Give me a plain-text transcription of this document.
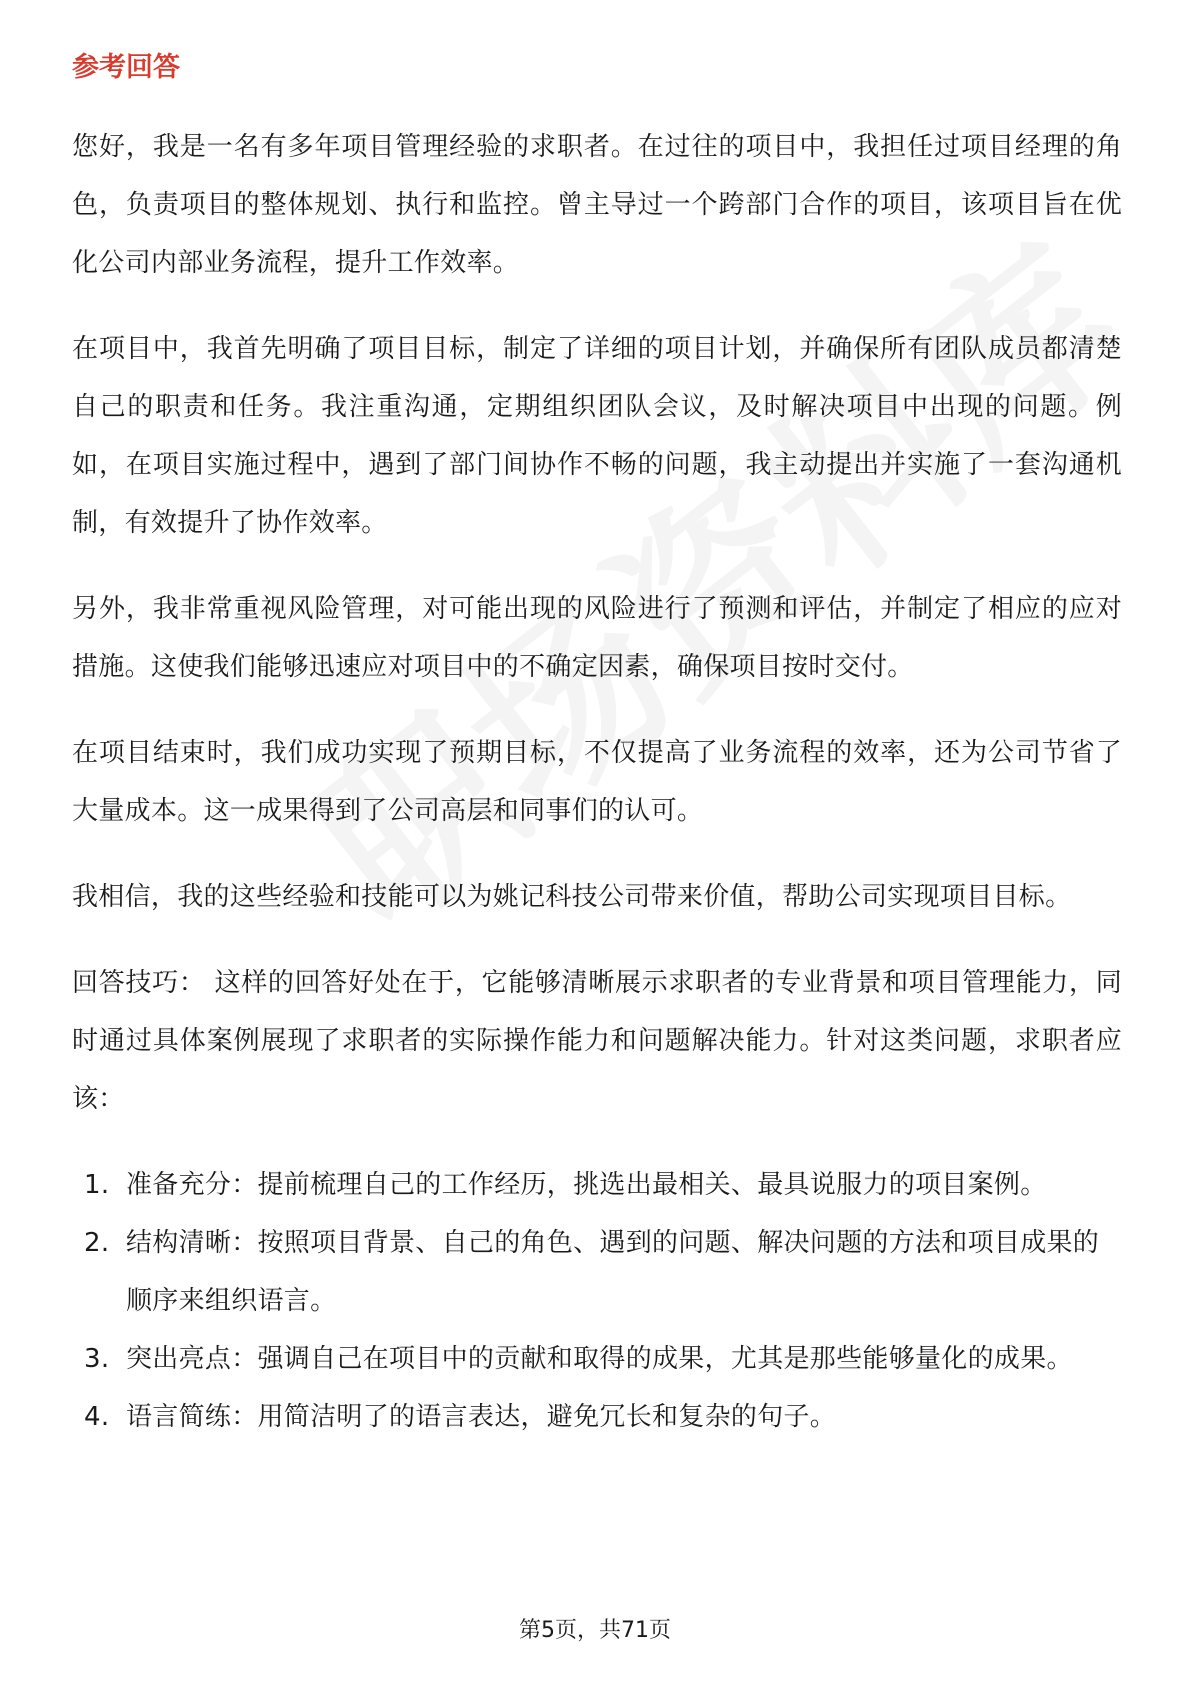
参考回答

您好，我是一名有多年项目管理经验的求职者。在过往的项目中，我担任过项目经理的角色，负责项目的整体规划、执行和监控。曾主导过一个跨部门合作的项目，该项目旨在优化公司内部业务流程，提升工作效率。

在项目中，我首先明确了项目目标，制定了详细的项目计划，并确保所有团队成员都清楚自己的职责和任务。我注重沟通，定期组织团队会议，及时解决项目中出现的问题。例如，在项目实施过程中，遇到了部门间协作不畅的问题，我主动提出并实施了一套沟通机制，有效提升了协作效率。

另外，我非常重视风险管理，对可能出现的风险进行了预测和评估，并制定了相应的应对措施。这使我们能够迅速应对项目中的不确定因素，确保项目按时交付。

在项目结束时，我们成功实现了预期目标，不仅提高了业务流程的效率，还为公司节省了大量成本。这一成果得到了公司高层和同事们的认可。

我相信，我的这些经验和技能可以为姚记科技公司带来价值，帮助公司实现项目目标。

回答技巧： 这样的回答好处在于，它能够清晰展示求职者的专业背景和项目管理能力，同时通过具体案例展现了求职者的实际操作能力和问题解决能力。针对这类问题，求职者应该：

1. 准备充分：提前梳理自己的工作经历，挑选出最相关、最具说服力的项目案例。
2. 结构清晰：按照项目背景、自己的角色、遇到的问题、解决问题的方法和项目成果的顺序来组织语言。
3. 突出亮点：强调自己在项目中的贡献和取得的成果，尤其是那些能够量化的成果。
4. 语言简练：用简洁明了的语言表达，避免冗长和复杂的句子。
第5页，共71页
